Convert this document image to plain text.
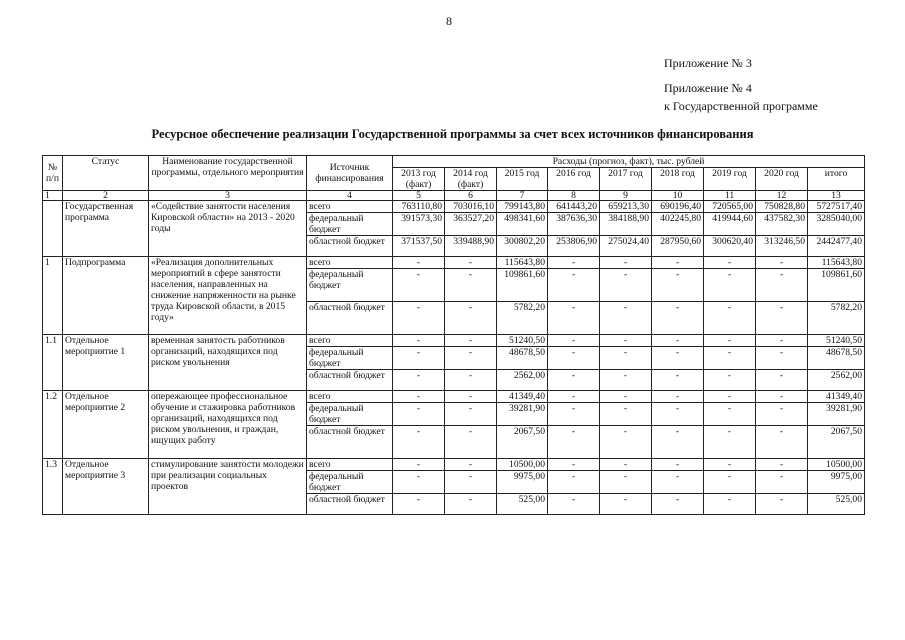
8
Приложение № 3
Приложение № 4
к Государственной программе
Ресурсное обеспечение реализации Государственной программы за счет всех источников финансирования
№ п/п	Статус	Наименование государственной программы, отдельного мероприятия	Источник финансирования	Расходы (прогноз, факт), тыс. рублей								
				2013 год (факт)	2014 год (факт)	2015 год	2016 год	2017 год	2018 год	2019 год	2020 год	итого
1	2	3	4	5	6	7	8	9	10	11	12	13
	Государственная программа	«Содействие занятости населения Кировской области» на 2013 - 2020 годы	всего	763110,80	703016,10	799143,80	641443,20	659213,30	690196,40	720565,00	750828,80	5727517,40
			федеральный бюджет	391573,30	363527,20	498341,60	387636,30	384188,90	402245,80	419944,60	437582,30	3285040,00
			областной бюджет	371537,50	339488,90	300802,20	253806,90	275024,40	287950,60	300620,40	313246,50	2442477,40
1	Подпрограмма	«Реализация дополнительных мероприятий в сфере занятости населения, направленных на снижение напряженности на рынке труда Кировской области, в 2015 году»	всего	-	-	115643,80	-	-	-	-	-	115643,80
			федеральный бюджет	-	-	109861,60	-	-	-	-	-	109861,60
			областной бюджет	-	-	5782,20	-	-	-	-	-	5782,20
1.1	Отдельное мероприятие 1	временная занятость работников организаций, находящихся под риском увольнения	всего	-	-	51240,50	-	-	-	-	-	51240,50
			федеральный бюджет	-	-	48678,50	-	-	-	-	-	48678,50
			областной бюджет	-	-	2562,00	-	-	-	-	-	2562,00
1.2	Отдельное мероприятие 2	опережающее профессиональное обучение и стажировка работников организаций, находящихся под риском увольнения, и граждан, ищущих работу	всего	-	-	41349,40	-	-	-	-	-	41349,40
			федеральный бюджет	-	-	39281,90	-	-	-	-	-	39281,90
			областной бюджет	-	-	2067,50	-	-	-	-	-	2067,50
1.3	Отдельное мероприятие 3	стимулирование занятости молодежи при реализации социальных проектов	всего	-	-	10500,00	-	-	-	-	-	10500,00
			федеральный бюджет	-	-	9975,00	-	-	-	-	-	9975,00
			областной бюджет	-	-	525,00	-	-	-	-	-	525,00
